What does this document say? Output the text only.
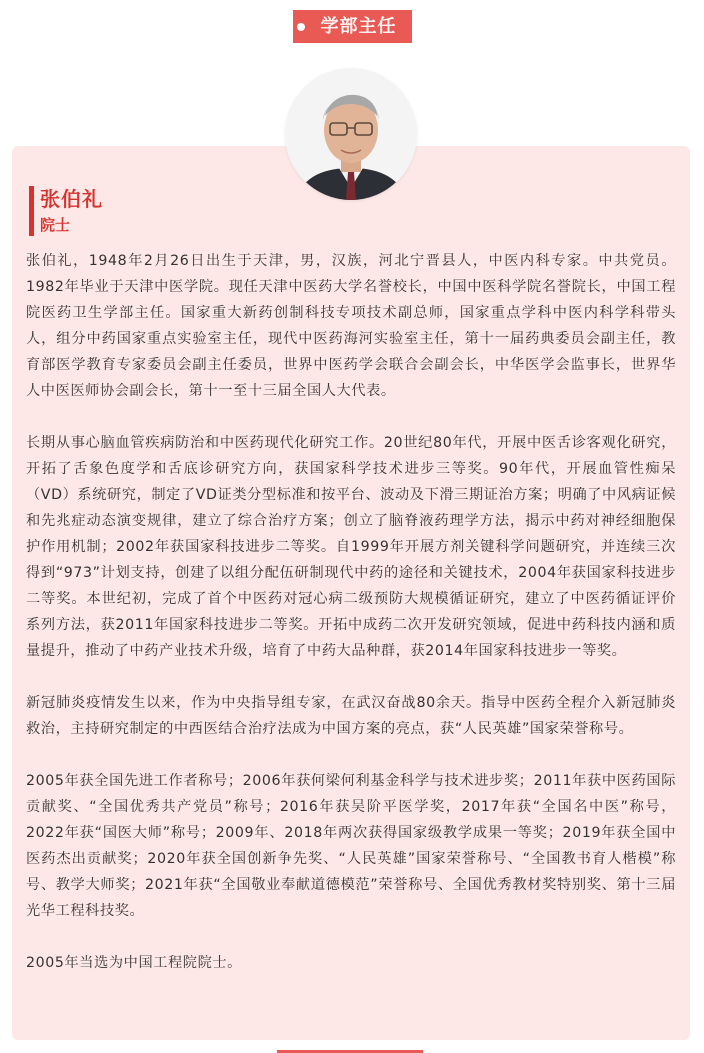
学部主任
张伯礼
院士

张伯礼，1948年2月26日出生于天津，男，汉族，河北宁晋县人，中医内科专家。中共党员。1982年毕业于天津中医学院。现任天津中医药大学名誉校长，中国中医科学院名誉院长，中国工程院医药卫生学部主任。国家重大新药创制科技专项技术副总师，国家重点学科中医内科学科带头人，组分中药国家重点实验室主任，现代中医药海河实验室主任，第十一届药典委员会副主任，教育部医学教育专家委员会副主任委员，世界中医药学会联合会副会长，中华医学会监事长，世界华人中医医师协会副会长，第十一至十三届全国人大代表。

长期从事心脑血管疾病防治和中医药现代化研究工作。20世纪80年代，开展中医舌诊客观化研究，开拓了舌象色度学和舌底诊研究方向，获国家科学技术进步三等奖。90年代，开展血管性痴呆（VD）系统研究，制定了VD证类分型标准和按平台、波动及下滑三期证治方案；明确了中风病证候和先兆症动态演变规律，建立了综合治疗方案；创立了脑脊液药理学方法，揭示中药对神经细胞保护作用机制；2002年获国家科技进步二等奖。自1999年开展方剂关键科学问题研究，并连续三次得到“973”计划支持，创建了以组分配伍研制现代中药的途径和关键技术，2004年获国家科技进步二等奖。本世纪初，完成了首个中医药对冠心病二级预防大规模循证研究，建立了中医药循证评价系列方法，获2011年国家科技进步二等奖。开拓中成药二次开发研究领域，促进中药科技内涵和质量提升，推动了中药产业技术升级，培育了中药大品种群，获2014年国家科技进步一等奖。

新冠肺炎疫情发生以来，作为中央指导组专家，在武汉奋战80余天。指导中医药全程介入新冠肺炎救治，主持研究制定的中西医结合治疗法成为中国方案的亮点，获“人民英雄”国家荣誉称号。

2005年获全国先进工作者称号；2006年获何梁何利基金科学与技术进步奖；2011年获中医药国际贡献奖、“全国优秀共产党员”称号；2016年获吴阶平医学奖，2017年获“全国名中医”称号，2022年获“国医大师”称号；2009年、2018年两次获得国家级教学成果一等奖；2019年获全国中医药杰出贡献奖；2020年获全国创新争先奖、“人民英雄”国家荣誉称号、“全国教书育人楷模”称号、教学大师奖；2021年获“全国敬业奉献道德模范”荣誉称号、全国优秀教材奖特别奖、第十三届光华工程科技奖。

2005年当选为中国工程院院士。
